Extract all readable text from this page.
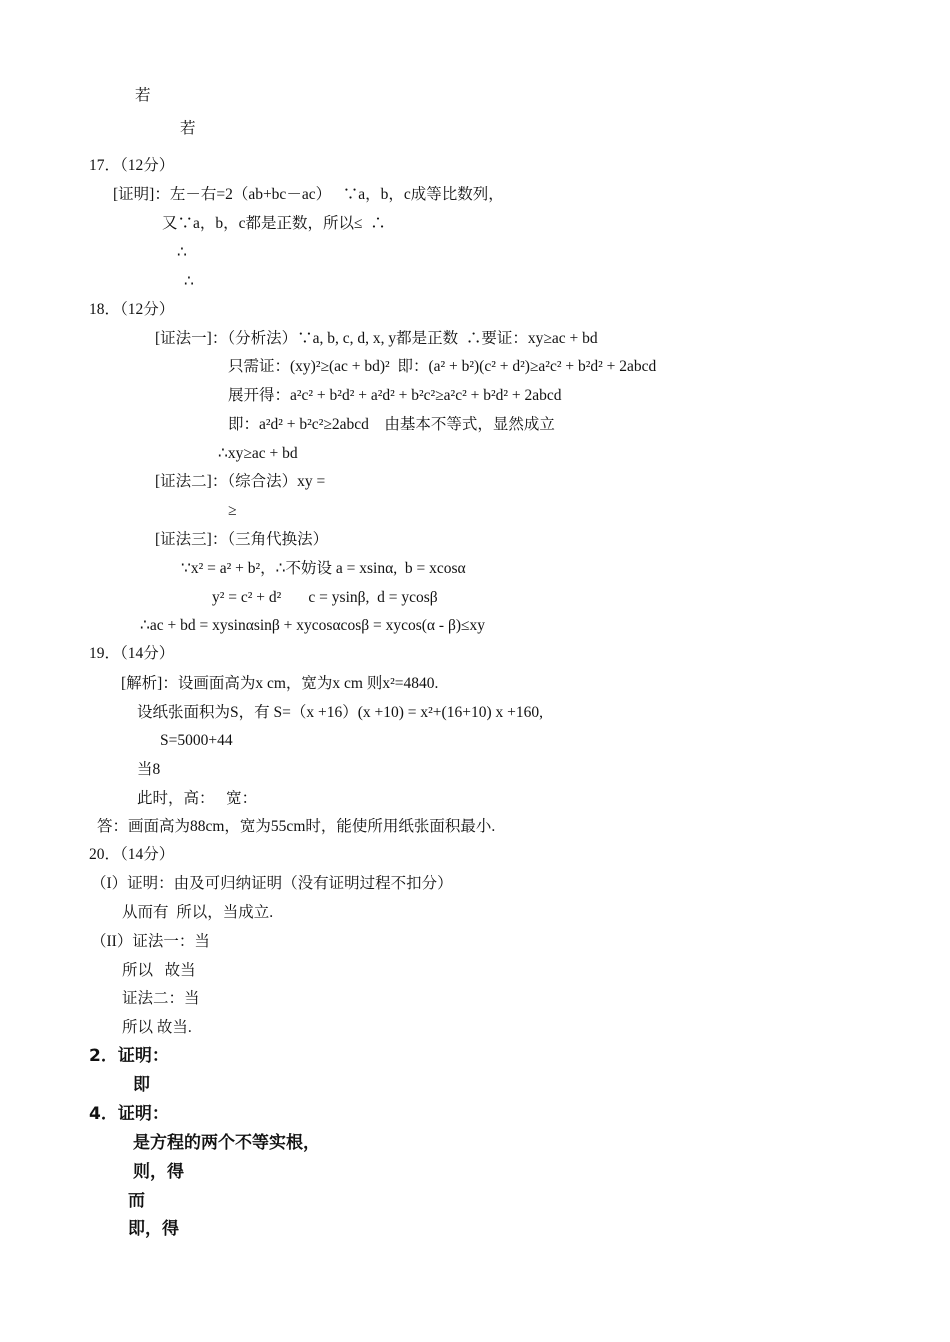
若
若
17．（12分）
[证明]：左－右=2（ab+bc－ac）   ∵a，b，c成等比数列，
又∵a，b，c都是正数，所以≤  ∴
∴
∴
18．（12分）
[证法一]：（分析法）∵a, b, c, d, x, y都是正数  ∴要证：xy≥ac + bd
只需证：(xy)²≥(ac + bd)²  即：(a² + b²)(c² + d²)≥a²c² + b²d² + 2abcd
展开得：a²c² + b²d² + a²d² + b²c²≥a²c² + b²d² + 2abcd
即：a²d² + b²c²≥2abcd    由基本不等式，显然成立
∴xy≥ac + bd
[证法二]：（综合法）xy =
≥
[证法三]：（三角代换法）
∵x² = a² + b²，∴不妨设 a = xsinα,  b = xcosα
y² = c² + d²       c = ysinβ,  d = ycosβ
∴ac + bd = xysinαsinβ + xycosαcosβ = xycos(α - β)≤xy
19．（14分）
[解析]：设画面高为x cm，宽为x cm 则x²=4840.
设纸张面积为S，有 S=（x +16）(x +10) = x²+(16+10) x +160,
S=5000+44
当8
此时，高：   宽：
答：画面高为88cm，宽为55cm时，能使所用纸张面积最小.
20．（14分）
（I）证明：由及可归纳证明（没有证明过程不扣分）
从而有  所以，当成立.
（II）证法一：当
所以   故当
证法二：当
所以 故当.
2．证明：
即
4．证明：
是方程的两个不等实根，
则，得
而
即，得
